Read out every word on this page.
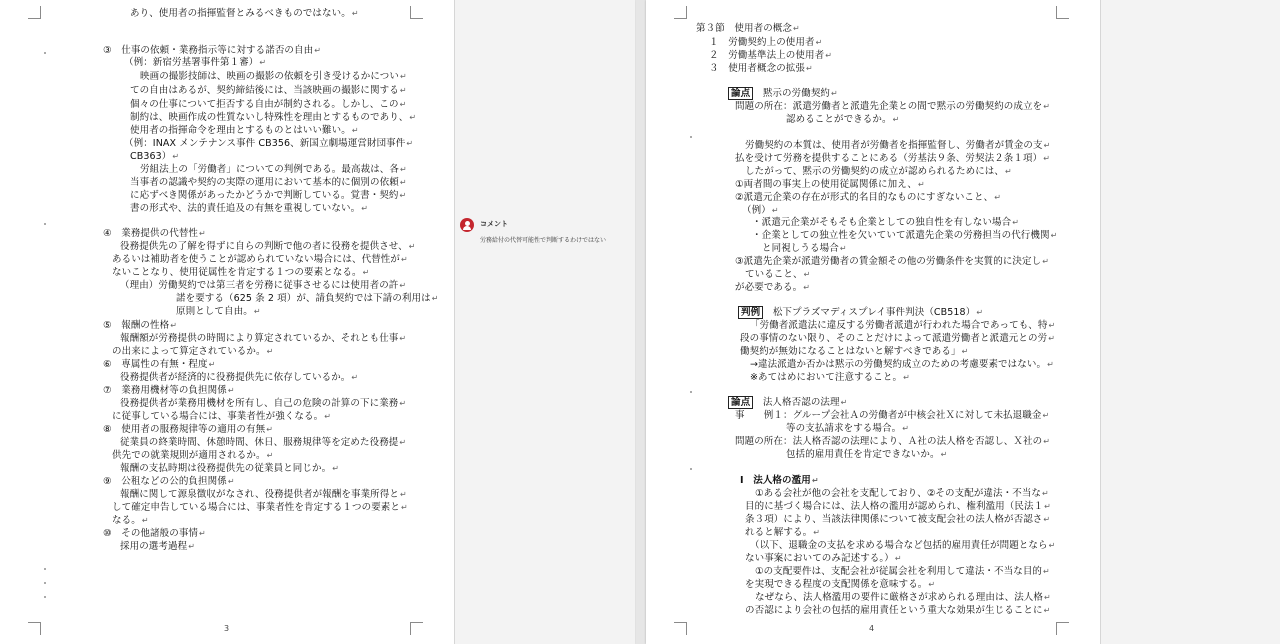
あり、使用者の指揮監督とみるべきものではない。↵
③　仕事の依頼・業務指示等に対する諾否の自由↵
（例：新宿労基署事件第１審）↵
映画の撮影技師は、映画の撮影の依頼を引き受けるかについ↵
ての自由はあるが、契約締結後には、当該映画の撮影に関する↵
個々の仕事について拒否する自由が制約される。しかし、この↵
制約は、映画作成の性質ないし特殊性を理由とするものであり、↵
使用者の指揮命令を理由とするものとはいい難い。↵
（例：INAX メンテナンス事件 CB356、新国立劇場運営財団事件↵
CB363）↵
労組法上の「労働者」についての判例である。最高裁は、各↵
当事者の認識や契約の実際の運用において基本的に個別の依頼↵
に応ずべき関係があったかどうかで判断している。覚書・契約↵
書の形式や、法的責任追及の有無を重視していない。↵
④　業務提供の代替性↵
役務提供先の了解を得ずに自らの判断で他の者に役務を提供させ、↵
あるいは補助者を使うことが認められていない場合には、代替性が↵
ないことなり、使用従属性を肯定する１つの要素となる。↵
（理由）労働契約では第三者を労務に従事させるには使用者の許↵
諾を要する（625 条 2 項）が、請負契約では下請の利用は↵
原則として自由。↵
⑤　報酬の性格↵
報酬額が労務提供の時間により算定されているか、それとも仕事↵
の出来によって算定されているか。↵
⑥　専属性の有無・程度↵
役務提供者が経済的に役務提供先に依存しているか。↵
⑦　業務用機材等の負担関係↵
役務提供者が業務用機材を所有し、自己の危険の計算の下に業務↵
に従事している場合には、事業者性が強くなる。↵
⑧　使用者の服務規律等の適用の有無↵
従業員の終業時間、休憩時間、休日、服務規律等を定めた役務提↵
供先での就業規則が適用されるか。↵
報酬の支払時期は役務提供先の従業員と同じか。↵
⑨　公租などの公的負担関係↵
報酬に関して源泉徴収がなされ、役務提供者が報酬を事業所得と↵
して確定申告している場合には、事業者性を肯定する１つの要素と↵
なる。↵
⑩　その他諸般の事情↵
採用の選考過程↵
第３節　使用者の概念↵
１　労働契約上の使用者↵
２　労働基準法上の使用者↵
３　使用者概念の拡張↵
論点　 黙示の労働契約↵
問題の所在：派遣労働者と派遣先企業との間で黙示の労働契約の成立を↵
認めることができるか。↵
労働契約の本質は、使用者が労働者を指揮監督し、労働者が賃金の支↵
払を受けて労務を提供することにある（労基法９条、労契法２条１項）↵
したがって、黙示の労働契約の成立が認められるためには、↵
①両者間の事実上の使用従属関係に加え、↵
②派遣元企業の存在が形式的名目的なものにすぎないこと、↵
（例）↵
・派遣元企業がそもそも企業としての独自性を有しない場合↵
・企業としての独立性を欠いていて派遣先企業の労務担当の代行機関↵
と同視しうる場合↵
③派遣先企業が派遣労働者の賃金額その他の労働条件を実質的に決定し↵
ていること、↵
が必要である。↵
判例　 松下プラズマディスプレイ事件判決（CB518）↵
「労働者派遣法に違反する労働者派遣が行われた場合であっても、特↵
段の事情のない限り、そのことだけによって派遣労働者と派遣元との労↵
働契約が無効になることはないと解すべきである」↵
→違法派遣か否かは黙示の労働契約成立のための考慮要素ではない。↵
※あてはめにおいて注意すること。↵
論点　 法人格否認の法理↵
事　　例１：グループ会社Ａの労働者が中核会社Ｘに対して未払退職金↵
等の支払請求をする場合。↵
問題の所在：法人格否認の法理により、Ａ社の法人格を否認し、Ｘ社の↵
包括的雇用責任を肯定できないか。↵
Ⅰ　法人格の濫用↵
①ある会社が他の会社を支配しており、②その支配が違法・不当な↵
目的に基づく場合には、法人格の濫用が認められ、権利濫用（民法１↵
条３項）により、当該法律関係について被支配会社の法人格が否認さ↵
れると解する。↵
（以下、退職金の支払を求める場合など包括的雇用責任が問題となら↵
ない事案においてのみ記述する。）↵
①の支配要件は、支配会社が従属会社を利用して違法・不当な目的↵
を実現できる程度の支配関係を意味する。↵
なぜなら、法人格濫用の要件に厳格さが求められる理由は、法人格↵
の否認により会社の包括的雇用責任という重大な効果が生じることに↵
3	4
コメント
労務給付の代替可能性で判断するわけではない
